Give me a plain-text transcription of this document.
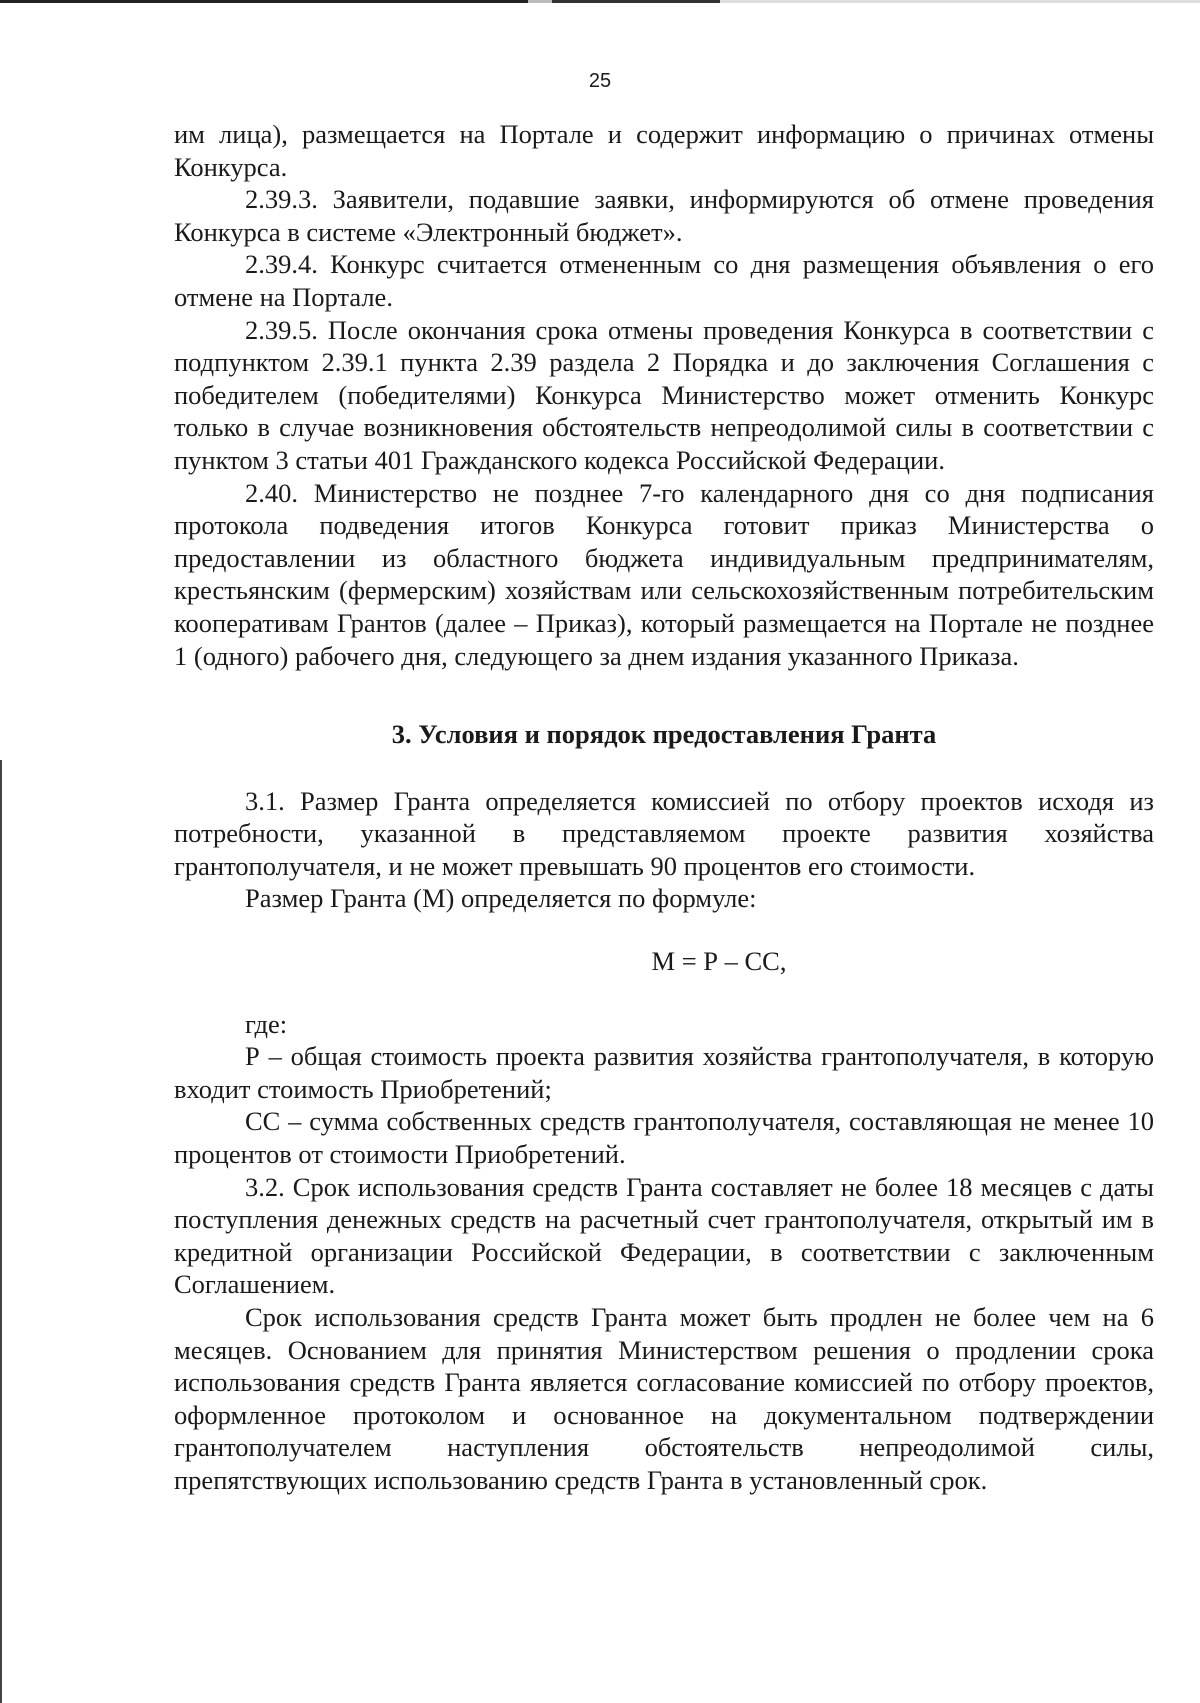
25

им лица), размещается на Портале и содержит информацию о причинах отмены Конкурса.

2.39.3. Заявители, подавшие заявки, информируются об отмене проведения Конкурса в системе «Электронный бюджет».

2.39.4. Конкурс считается отмененным со дня размещения объявления о его отмене на Портале.

2.39.5. После окончания срока отмены проведения Конкурса в соответствии с подпунктом 2.39.1 пункта 2.39 раздела 2 Порядка и до заключения Соглашения с победителем (победителями) Конкурса Министерство может отменить Конкурс только в случае возникновения обстоятельств непреодолимой силы в соответствии с пунктом 3 статьи 401 Гражданского кодекса Российской Федерации.

2.40. Министерство не позднее 7-го календарного дня со дня подписания протокола подведения итогов Конкурса готовит приказ Министерства о предоставлении из областного бюджета индивидуальным предпринимателям, крестьянским (фермерским) хозяйствам или сельскохозяйственным потребительским кооперативам Грантов (далее – Приказ), который размещается на Портале не позднее 1 (одного) рабочего дня, следующего за днем издания указанного Приказа.

3. Условия и порядок предоставления Гранта

3.1. Размер Гранта определяется комиссией по отбору проектов исходя из потребности, указанной в представляемом проекте развития хозяйства грантополучателя, и не может превышать 90 процентов его стоимости.

Размер Гранта (М) определяется по формуле:

М = Р – СС,

где:

Р – общая стоимость проекта развития хозяйства грантополучателя, в которую входит стоимость Приобретений;

СС – сумма собственных средств грантополучателя, составляющая не менее 10 процентов от стоимости Приобретений.

3.2. Срок использования средств Гранта составляет не более 18 месяцев с даты поступления денежных средств на расчетный счет грантополучателя, открытый им в кредитной организации Российской Федерации, в соответствии с заключенным Соглашением.

Срок использования средств Гранта может быть продлен не более чем на 6 месяцев. Основанием для принятия Министерством решения о продлении срока использования средств Гранта является согласование комиссией по отбору проектов, оформленное протоколом и основанное на документальном подтверждении грантополучателем наступления обстоятельств непреодолимой силы, препятствующих использованию средств Гранта в установленный срок.
